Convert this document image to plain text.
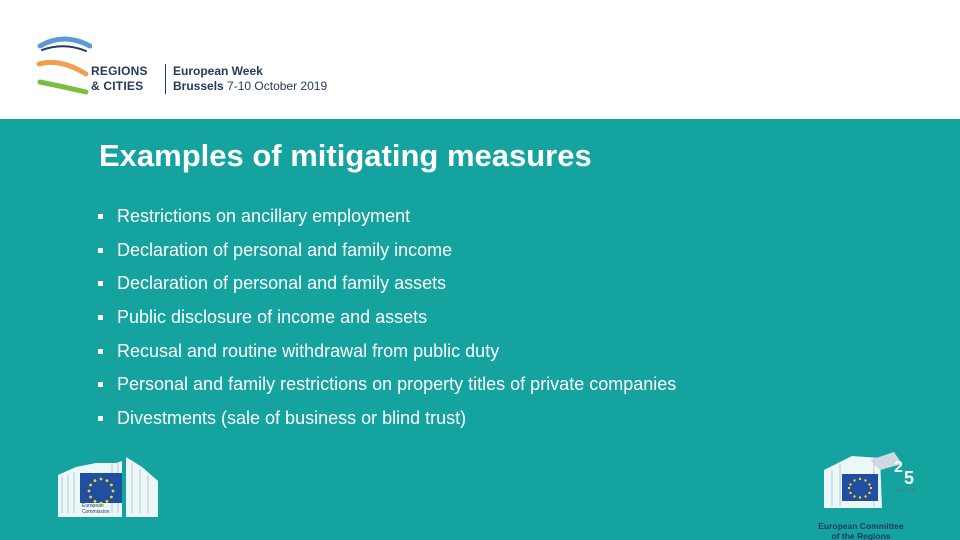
REGIONS
& CITIES
European Week
Brussels 7-10 October 2019
Examples of mitigating measures
Restrictions on ancillary employment
Declaration of personal and family income
Declaration of personal and family assets
Public disclosure of income and assets
Recusal and routine withdrawal from public duty
Personal and family restrictions on property titles of private companies
Divestments (sale of business or blind trust)
European
Commission
2
5
1994 - 2019
European Committee
of the Regions
